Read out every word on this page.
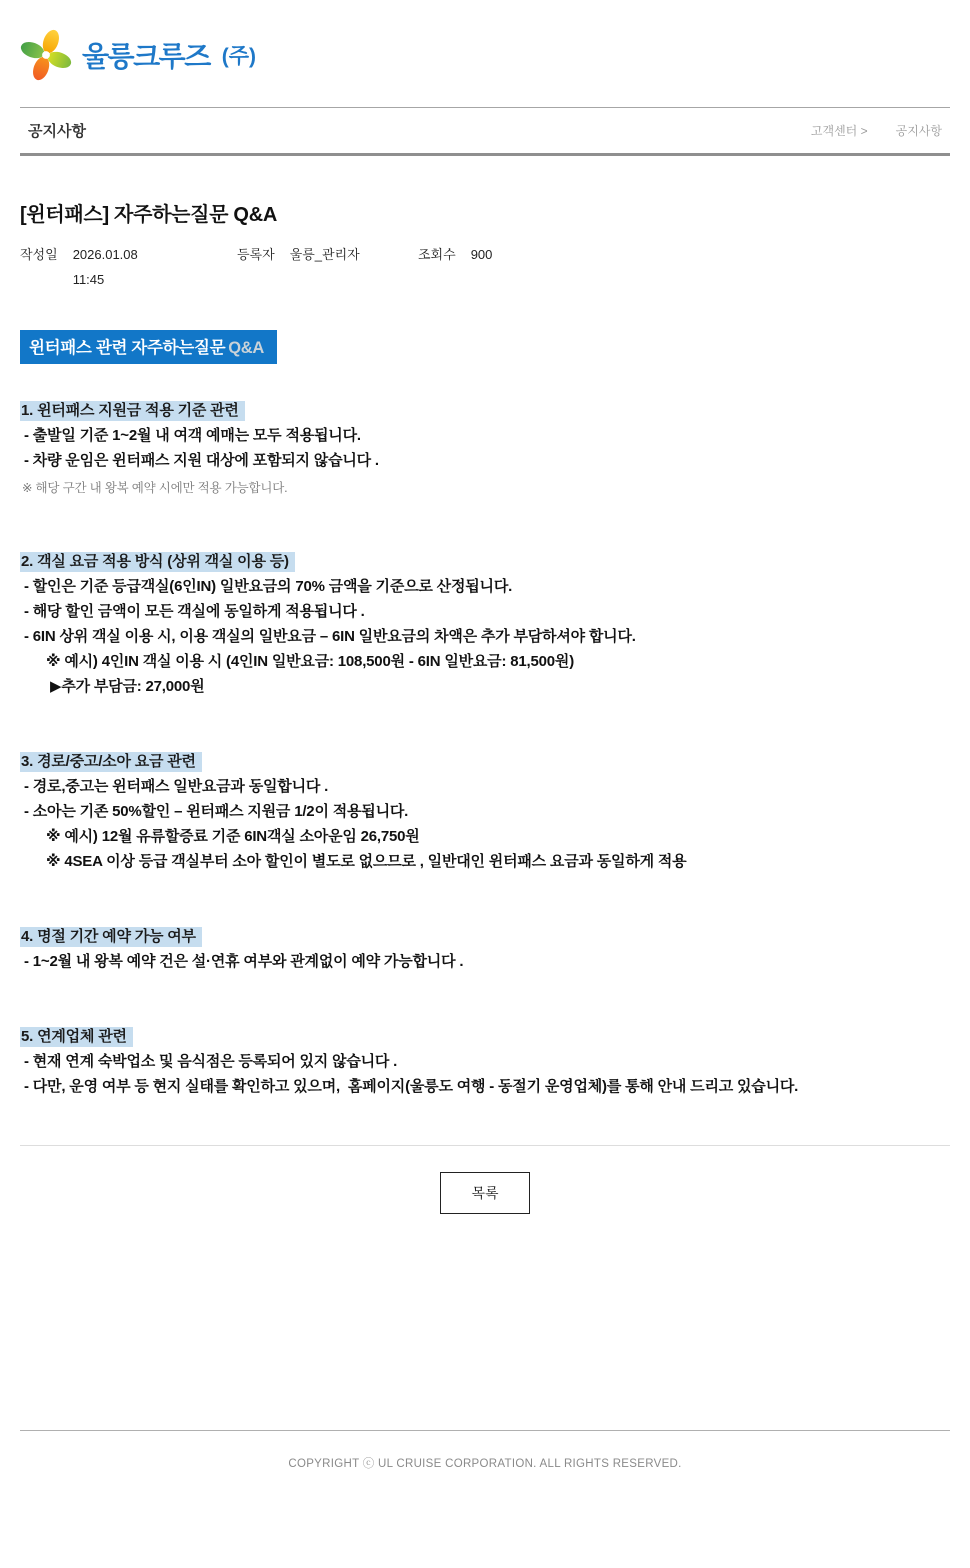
울릉크루즈 (주)
공지사항	고객센터 > 공지사항
[윈터패스] 자주하는질문 Q&A
작성일 2026.01.08
11:45
등록자 울릉_관리자	조회수 900
윈터패스 관련 자주하는질문 Q&A
1. 윈터패스 지원금 적용 기준 관련
- 출발일 기준 1~2월 내 여객 예매는 모두 적용됩니다.
- 차량 운임은 윈터패스 지원 대상에 포함되지 않습니다 .
※ 해당 구간 내 왕복 예약 시에만 적용 가능합니다.
2. 객실 요금 적용 방식 (상위 객실 이용 등)
- 할인은 기준 등급객실(6인IN) 일반요금의 70% 금액을 기준으로 산정됩니다.
- 해당 할인 금액이 모든 객실에 동일하게 적용됩니다 .
- 6IN 상위 객실 이용 시, 이용 객실의 일반요금 – 6IN 일반요금의 차액은 추가 부담하셔야 합니다.
※ 예시) 4인IN 객실 이용 시 (4인IN 일반요금: 108,500원 - 6IN 일반요금: 81,500원)
▶추가 부담금: 27,000원
3. 경로/중고/소아 요금 관련
- 경로,중고는 윈터패스 일반요금과 동일합니다 .
- 소아는 기존 50%할인 – 윈터패스 지원금 1/2이 적용됩니다.
※ 예시) 12월 유류할증료 기준 6IN객실 소아운임 26,750원
※ 4SEA 이상 등급 객실부터 소아 할인이 별도로 없으므로 , 일반대인 윈터패스 요금과 동일하게 적용
4. 명절 기간 예약 가능 여부
- 1~2월 내 왕복 예약 건은 설·연휴 여부와 관계없이 예약 가능합니다 .
5. 연계업체 관련
- 현재 연계 숙박업소 및 음식점은 등록되어 있지 않습니다 .
- 다만, 운영 여부 등 현지 실태를 확인하고 있으며,  홈페이지(울릉도 여행 - 동절기 운영업체)를 통해 안내 드리고 있습니다.
목록
COPYRIGHT ⓒ UL CRUISE CORPORATION. ALL RIGHTS RESERVED.
